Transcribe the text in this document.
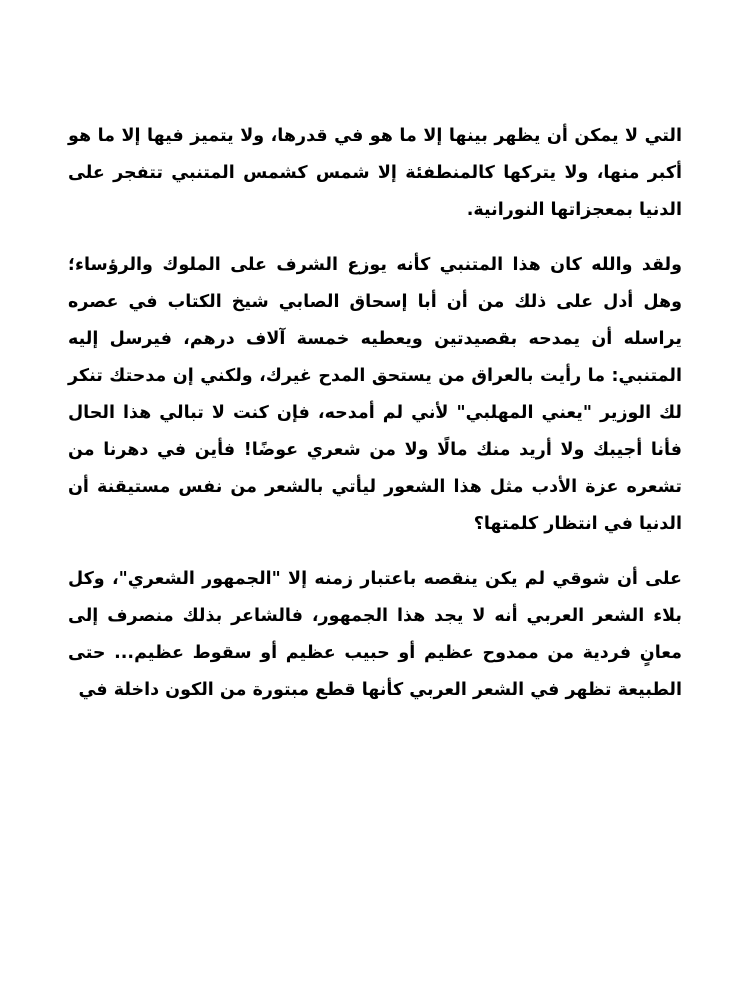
التي لا يمكن أن يظهر بينها إلا ما هو في قدرها، ولا يتميز فيها إلا ما هو أكبر منها، ولا يتركها كالمنطفئة إلا شمس كشمس المتنبي تتفجر على الدنيا بمعجزاتها النورانية.

ولقد والله كان هذا المتنبي كأنه يوزع الشرف على الملوك والرؤساء؛ وهل أدل على ذلك من أن أبا إسحاق الصابي شيخ الكتاب في عصره يراسله أن يمدحه بقصيدتين ويعطيه خمسة آلاف درهم، فيرسل إليه المتنبي: ما رأيت بالعراق من يستحق المدح غيرك، ولكني إن مدحتك تنكر لك الوزير "يعني المهلبي" لأني لم أمدحه، فإن كنت لا تبالي هذا الحال فأنا أجيبك ولا أريد منك مالًا ولا من شعري عوضًا! فأين في دهرنا من تشعره عزة الأدب مثل هذا الشعور ليأتي بالشعر من نفس مستيقنة أن الدنيا في انتظار كلمتها؟

على أن شوقي لم يكن ينقصه باعتبار زمنه إلا "الجمهور الشعري"، وكل بلاء الشعر العربي أنه لا يجد هذا الجمهور، فالشاعر بذلك منصرف إلى معانٍ فردية من ممدوح عظيم أو حبيب عظيم أو سقوط عظيم... حتى الطبيعة تظهر في الشعر العربي كأنها قطع مبتورة من الكون داخلة في
